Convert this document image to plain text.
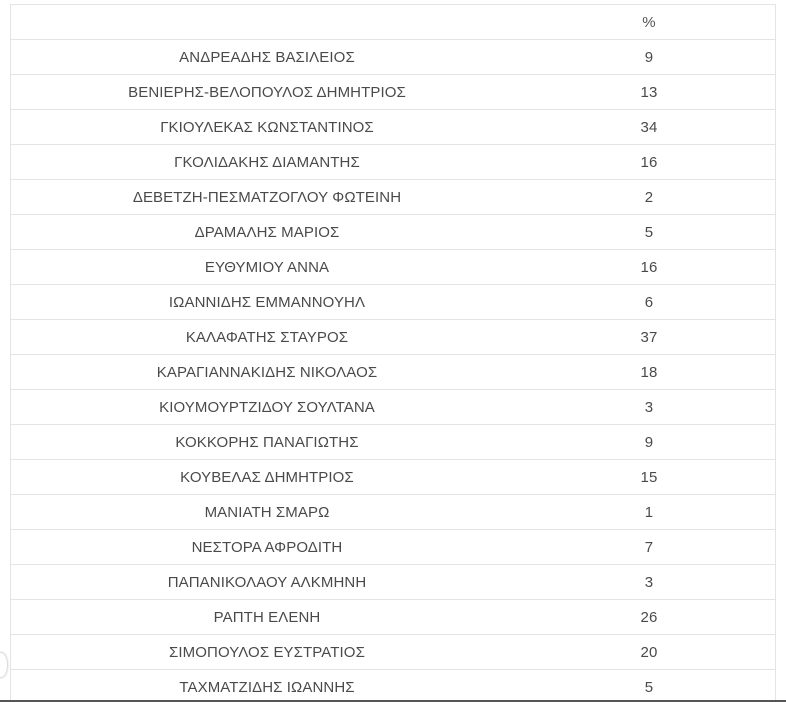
	%
ΑΝΔΡΕΑΔΗΣ ΒΑΣΙΛΕΙΟΣ	9
ΒΕΝΙΕΡΗΣ-ΒΕΛΟΠΟΥΛΟΣ ΔΗΜΗΤΡΙΟΣ	13
ΓΚΙΟΥΛΕΚΑΣ ΚΩΝΣΤΑΝΤΙΝΟΣ	34
ΓΚΟΛΙΔΑΚΗΣ ΔΙΑΜΑΝΤΗΣ	16
ΔΕΒΕΤΖΗ-ΠΕΣΜΑΤΖΟΓΛΟΥ ΦΩΤΕΙΝΗ	2
ΔΡΑΜΑΛΗΣ ΜΑΡΙΟΣ	5
ΕΥΘΥΜΙΟΥ ΑΝΝΑ	16
ΙΩΑΝΝΙΔΗΣ ΕΜΜΑΝΝΟΥΗΛ	6
ΚΑΛΑΦΑΤΗΣ ΣΤΑΥΡΟΣ	37
ΚΑΡΑΓΙΑΝΝΑΚΙΔΗΣ ΝΙΚΟΛΑΟΣ	18
ΚΙΟΥΜΟΥΡΤΖΙΔΟΥ ΣΟΥΛΤΑΝΑ	3
ΚΟΚΚΟΡΗΣ ΠΑΝΑΓΙΩΤΗΣ	9
ΚΟΥΒΕΛΑΣ ΔΗΜΗΤΡΙΟΣ	15
ΜΑΝΙΑΤΗ ΣΜΑΡΩ	1
ΝΕΣΤΟΡΑ ΑΦΡΟΔΙΤΗ	7
ΠΑΠΑΝΙΚΟΛΑΟΥ ΑΛΚΜΗΝΗ	3
ΡΑΠΤΗ ΕΛΕΝΗ	26
ΣΙΜΟΠΟΥΛΟΣ ΕΥΣΤΡΑΤΙΟΣ	20
ΤΑΧΜΑΤΖΙΔΗΣ ΙΩΑΝΝΗΣ	5
